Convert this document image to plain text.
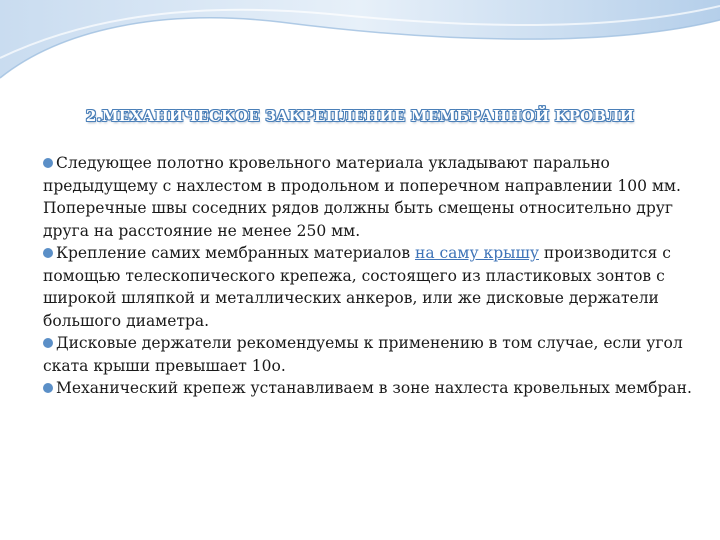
2.МЕХАНИЧЕСКОЕ ЗАКРЕПЛЕНИЕ МЕМБРАННОЙ КРОВЛИ

Следующее полотно кровельного материала укладывают парально предыдущему с нахлестом в продольном и поперечном направлении 100 мм. Поперечные швы соседних рядов должны быть смещены относительно друг друга на расстояние не менее 250 мм.

Крепление самих мембранных материалов на саму крышу производится с помощью телескопического крепежа, состоящего из пластиковых зонтов с широкой шляпкой и металлических анкеров, или же дисковые держатели большого диаметра.

Дисковые держатели рекомендуемы к применению в том случае, если угол ската крыши превышает 10о.

Механический крепеж устанавливаем в зоне нахлеста кровельных мембран.
